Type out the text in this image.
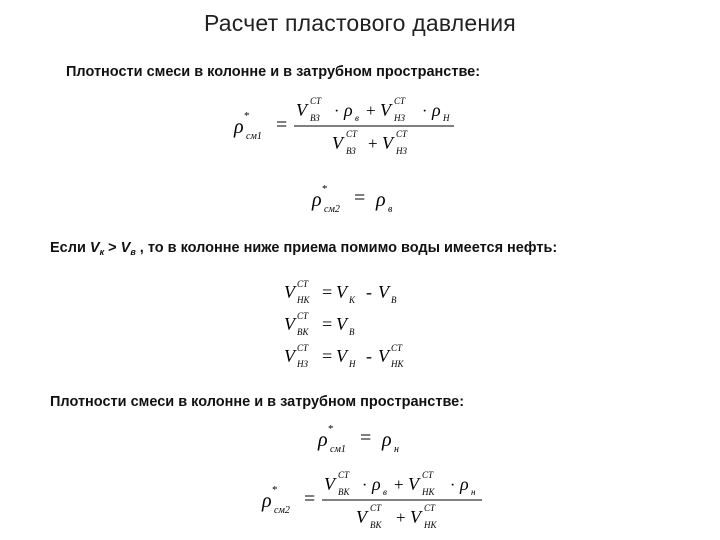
Расчет пластового давления
Плотности смеси в колонне и в затрубном пространстве:
ρ *
см1
=
V СТ
ВЗ · ρ в + V СТ
НЗ · ρ Н
V СТ
ВЗ + V СТ
НЗ
ρ *
см2
= ρ в
Если $V_к > V_в$ , то в колонне ниже приема помимо воды имеется нефть:
V СТ
НК = V К - V В
V СТ
ВК = V В
V СТ
НЗ = V Н - V СТ
НК
Плотности смеси в колонне и в затрубном пространстве:
ρ *
см1
= ρ н
ρ *
см2
=
V СТ
ВК · ρ в + V СТ
НК · ρ н
V СТ
ВК + V СТ
НК
